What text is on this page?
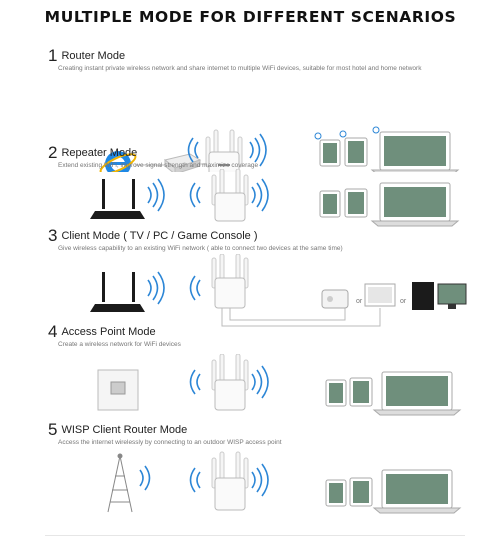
MULTIPLE MODE FOR DIFFERENT SCENARIOS
1 Router Mode
Creating instant private wireless network and share internet to multiple WiFi devices, suitable for most hotel and home network
2 Repeater Mode
Extend existing WiFi, improve signal strength and maximize coverage
3 Client Mode ( TV / PC / Game Console )
Give wireless capability to an existing WiFi network ( able to connect two devices at the same time)
or	or
4 Access Point Mode
Create a wireless network for WiFi devices
5 WISP Client Router Mode
Access the internet wirelessly by connecting to an outdoor WISP access point
